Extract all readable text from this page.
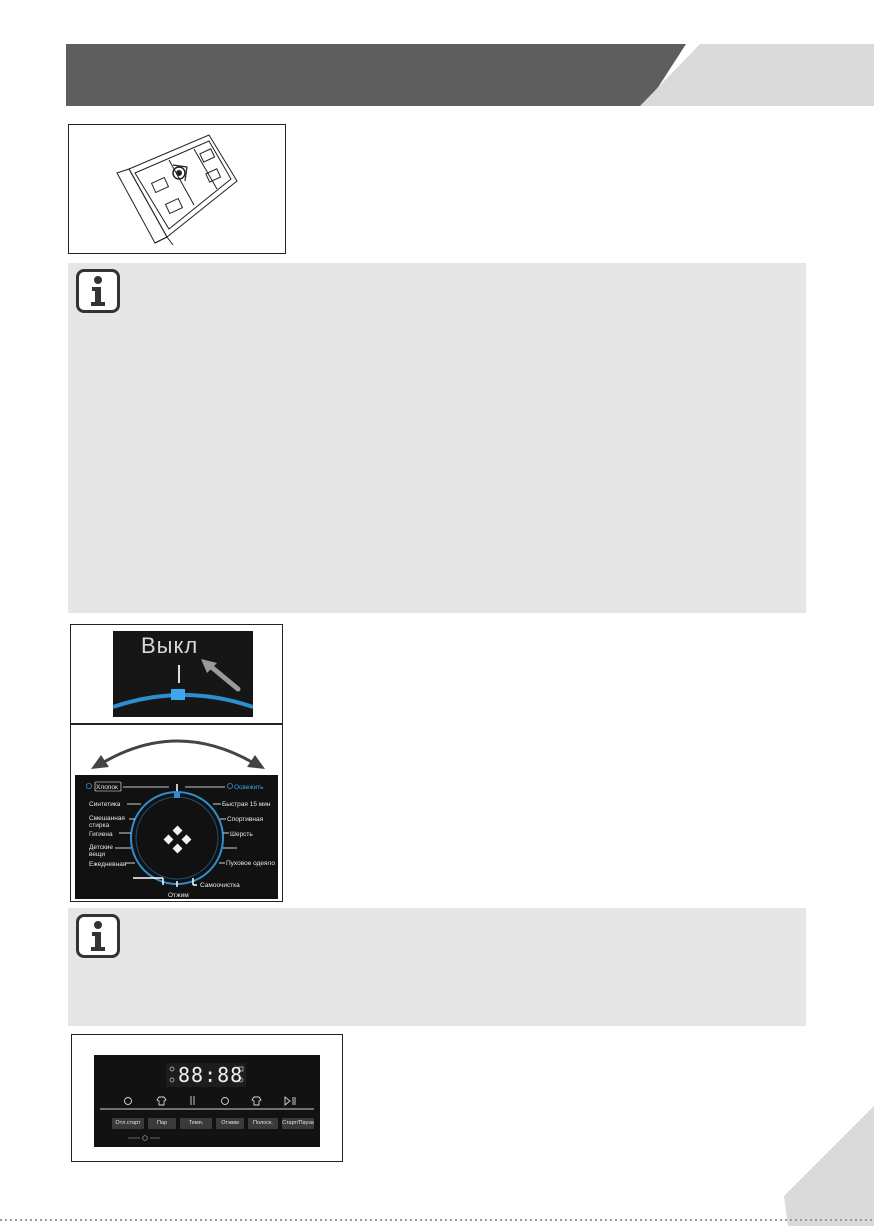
Выкл
Хлопок	Освежить
Синтетика
Смешанная
стирка
Гигиена
Детские
вещи
Ежедневная
Быстрая 15 мин
Спортивная
Шерсть
Пуховое одеяло
Самоочистка
Отжим
88:88
Отл.старт	Пар	Темп.	Отжим	Полоск.	Старт/Пауза
